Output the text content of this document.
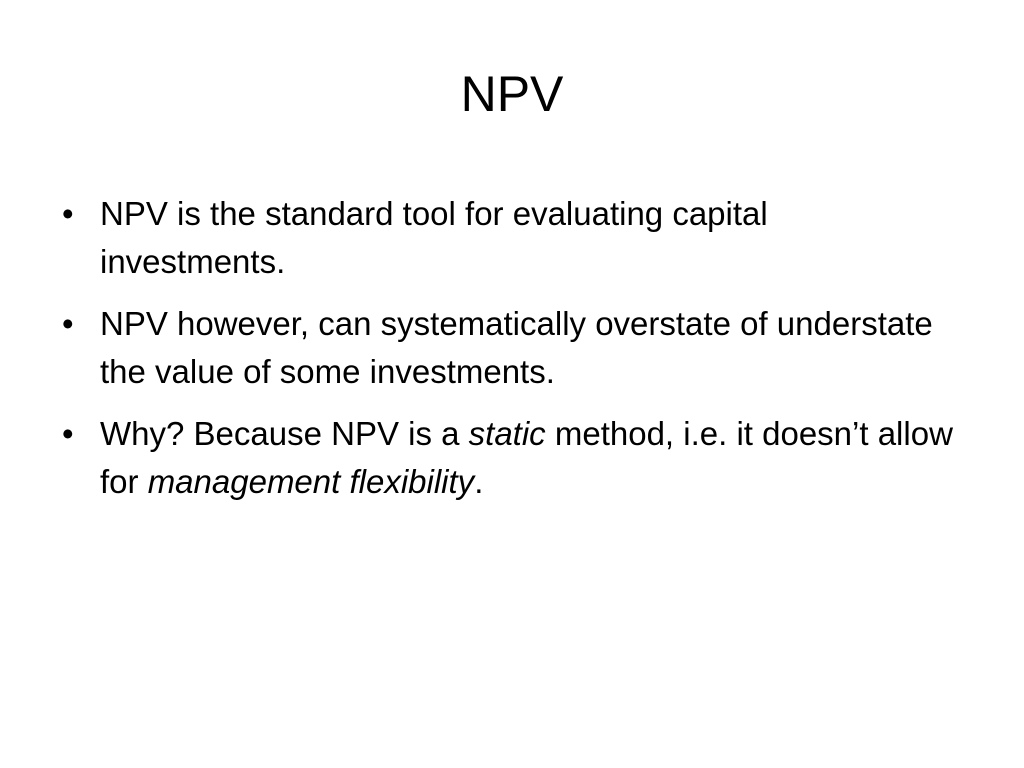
NPV
• NPV is the standard tool for evaluating capital investments.
• NPV however, can systematically overstate of understate the value of some investments.
• Why? Because NPV is a static method, i.e. it doesn’t allow for management flexibility.
